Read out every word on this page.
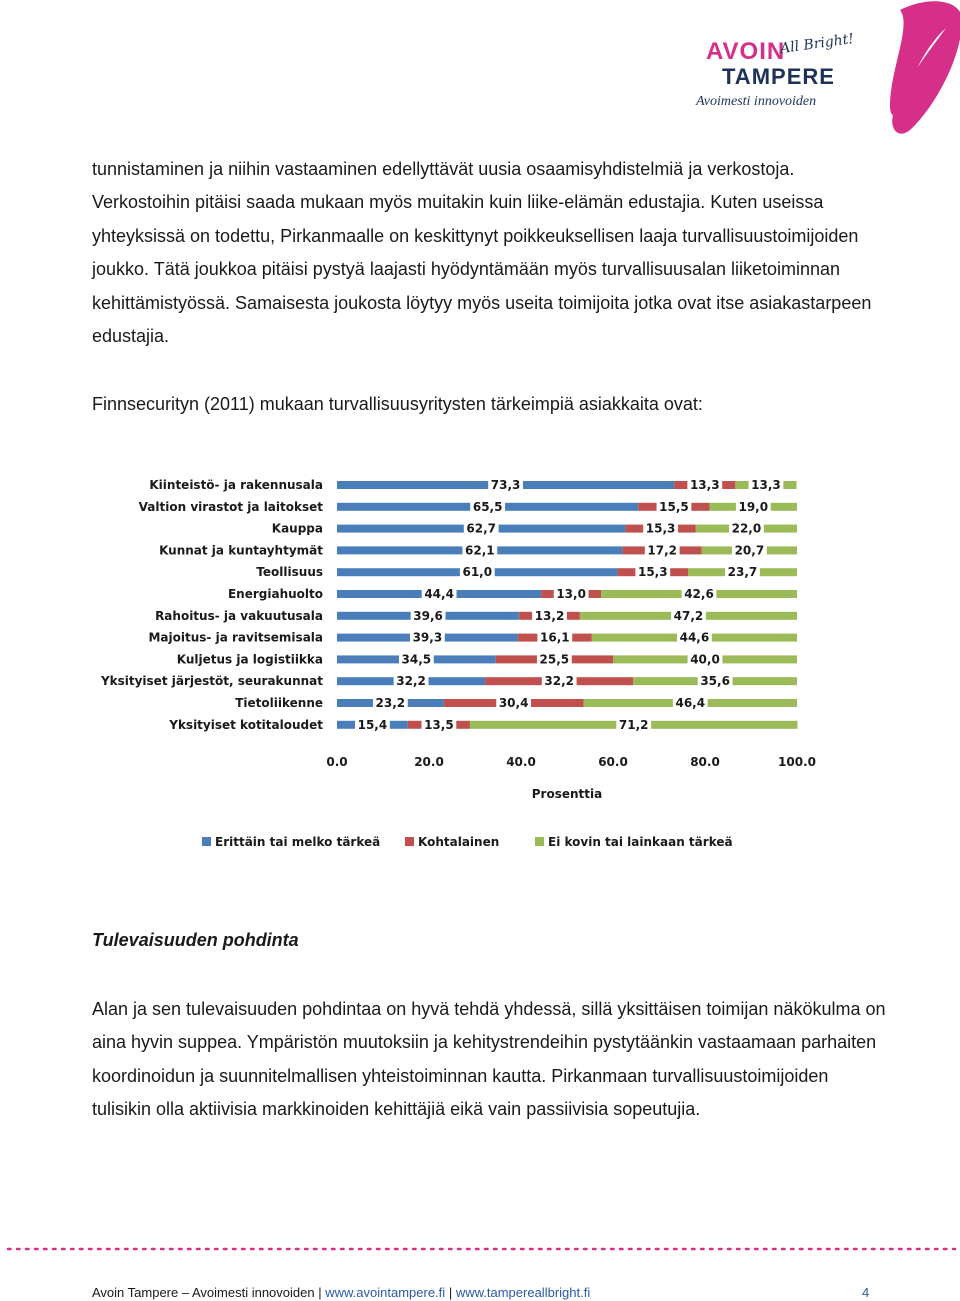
AVOIN
All Bright!
TAMPERE
Avoimesti innovoiden

tunnistaminen ja niihin vastaaminen edellyttävät uusia osaamisyhdistelmiä ja verkostoja. Verkostoihin pitäisi saada mukaan myös muitakin kuin liike-elämän edustajia. Kuten useissa yhteyksissä on todettu, Pirkanmaalle on keskittynyt poikkeuksellisen laaja turvallisuustoimijoiden joukko. Tätä joukkoa pitäisi pystyä laajasti hyödyntämään myös turvallisuusalan liiketoiminnan kehittämistyössä. Samaisesta joukosta löytyy myös useita toimijoita jotka ovat itse asiakastarpeen edustajia.

Finnsecurityn (2011) mukaan turvallisuusyritysten tärkeimpiä asiakkaita ovat:

Kiinteistö- ja rakennusala	73,3	13,3	13,3
Valtion virastot ja laitokset	65,5	15,5	19,0
Kauppa	62,7	15,3	22,0
Kunnat ja kuntayhtymät	62,1	17,2	20,7
Teollisuus	61,0	15,3	23,7
Energiahuolto	44,4	13,0	42,6
Rahoitus- ja vakuutusala	39,6	13,2	47,2
Majoitus- ja ravitsemisala	39,3	16,1	44,6
Kuljetus ja logistiikka	34,5	25,5	40,0
Yksityiset järjestöt, seurakunnat	32,2	32,2	35,6
Tietoliikenne	23,2	30,4	46,4
Yksityiset kotitaloudet	15,4	13,5	71,2
0.0	20.0	40.0	60.0	80.0	100.0
Prosenttia
Erittäin tai melko tärkeä	Kohtalainen	Ei kovin tai lainkaan tärkeä
Tulevaisuuden pohdinta

Alan ja sen tulevaisuuden pohdintaa on hyvä tehdä yhdessä, sillä yksittäisen toimijan näkökulma on aina hyvin suppea. Ympäristön muutoksiin ja kehitystrendeihin pystytäänkin vastaamaan parhaiten koordinoidun ja suunnitelmallisen yhteistoiminnan kautta. Pirkanmaan turvallisuustoimijoiden tulisikin olla aktiivisia markkinoiden kehittäjiä eikä vain passiivisia sopeutujia.

Avoin Tampere – Avoimesti innovoiden | www.avointampere.fi | www.tampereallbright.fi	4
